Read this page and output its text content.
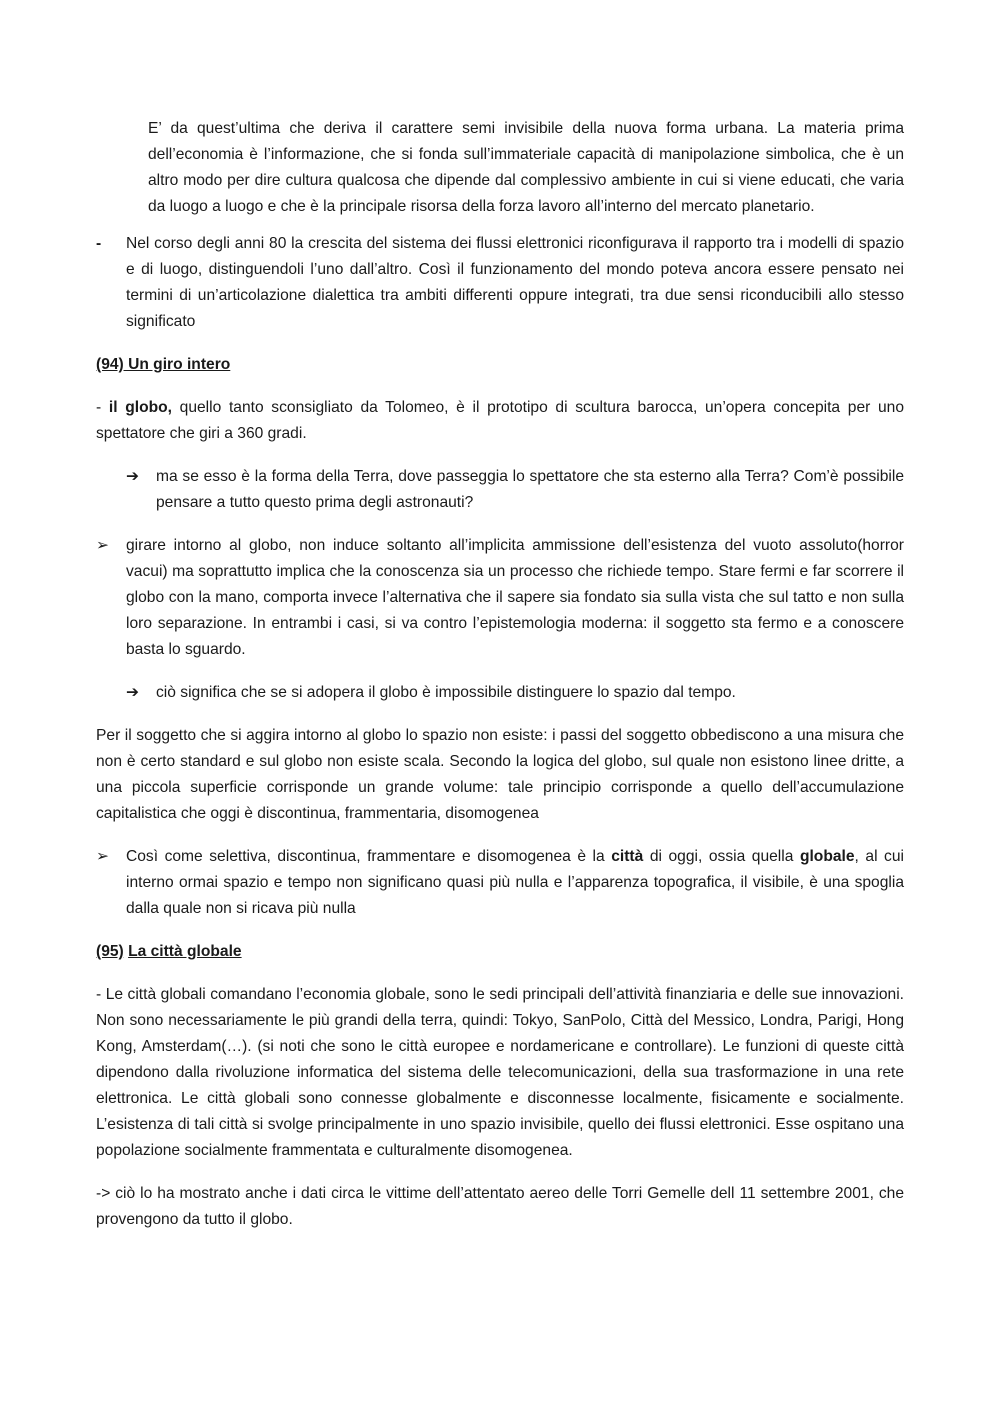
E’ da quest’ultima che deriva il carattere semi invisibile della nuova forma urbana. La materia prima dell’economia è l’informazione, che si fonda sull’immateriale capacità di manipolazione simbolica, che è un altro modo per dire cultura qualcosa che dipende dal complessivo ambiente in cui si viene educati, che varia da luogo a luogo e che è la principale risorsa della forza lavoro all’interno del mercato planetario.

- Nel corso degli anni 80 la crescita del sistema dei flussi elettronici riconfigurava il rapporto tra i modelli di spazio e di luogo, distinguendoli l’uno dall’altro. Così il funzionamento del mondo poteva ancora essere pensato nei termini di un’articolazione dialettica tra ambiti differenti oppure integrati, tra due sensi riconducibili allo stesso significato

(94) Un giro intero

- il globo, quello tanto sconsigliato da Tolomeo, è il prototipo di scultura barocca, un’opera concepita per uno spettatore che giri a 360 gradi.

➔ ma se esso è la forma della Terra, dove passeggia lo spettatore che sta esterno alla Terra? Com’è possibile pensare a tutto questo prima degli astronauti?

➢ girare intorno al globo, non induce soltanto all’implicita ammissione dell’esistenza del vuoto assoluto(horror vacui) ma soprattutto implica che la conoscenza sia un processo che richiede tempo. Stare fermi e far scorrere il globo con la mano, comporta invece l’alternativa che il sapere sia fondato sia sulla vista che sul tatto e non sulla loro separazione. In entrambi i casi, si va contro l’epistemologia moderna: il soggetto sta fermo e a conoscere basta lo sguardo.

➔ ciò significa che se si adopera il globo è impossibile distinguere lo spazio dal tempo.

Per il soggetto che si aggira intorno al globo lo spazio non esiste: i passi del soggetto obbediscono a una misura che non è certo standard e sul globo non esiste scala. Secondo la logica del globo, sul quale non esistono linee dritte, a una piccola superficie corrisponde un grande volume: tale principio corrisponde a quello dell’accumulazione capitalistica che oggi è discontinua, frammentaria, disomogenea

➢ Così come selettiva, discontinua, frammentare e disomogenea è la città di oggi, ossia quella globale, al cui interno ormai spazio e tempo non significano quasi più nulla e l’apparenza topografica, il visibile, è una spoglia dalla quale non si ricava più nulla

(95) La città globale

- Le città globali comandano l’economia globale, sono le sedi principali dell’attività finanziaria e delle sue innovazioni. Non sono necessariamente le più grandi della terra, quindi: Tokyo, SanPolo, Città del Messico, Londra, Parigi, Hong Kong, Amsterdam(…). (si noti che sono le città europee e nordamericane e controllare). Le funzioni di queste città dipendono dalla rivoluzione informatica del sistema delle telecomunicazioni, della sua trasformazione in una rete elettronica. Le città globali sono connesse globalmente e disconnesse localmente, fisicamente e socialmente. L’esistenza di tali città si svolge principalmente in uno spazio invisibile, quello dei flussi elettronici. Esse ospitano una popolazione socialmente frammentata e culturalmente disomogenea.

-> ciò lo ha mostrato anche i dati circa le vittime dell’attentato aereo delle Torri Gemelle dell 11 settembre 2001, che provengono da tutto il globo.
